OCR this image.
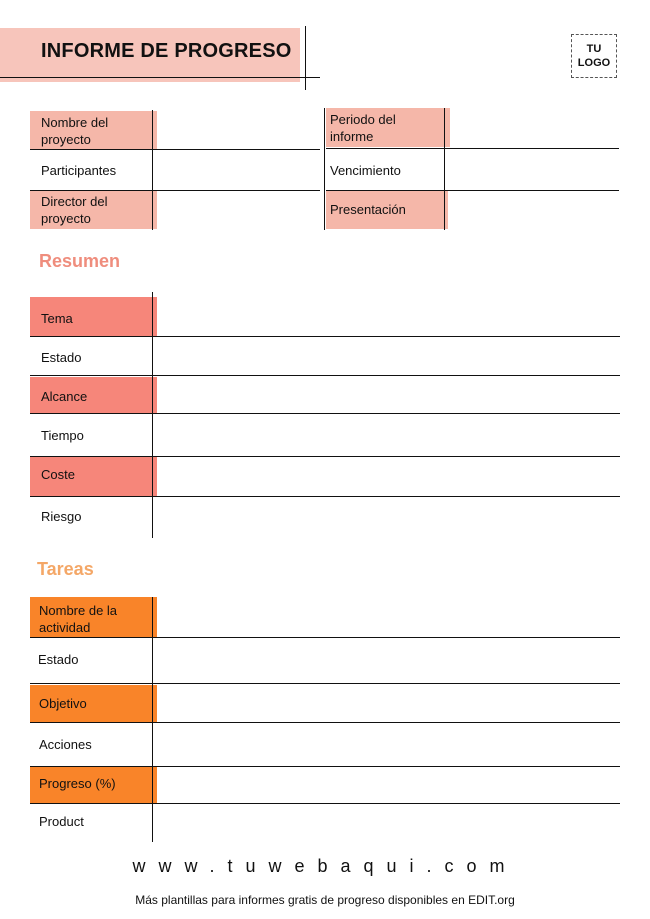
INFORME DE PROGRESO	TU
LOGO
Nombre del proyecto
Participantes
Director del proyecto
Periodo del informe
Vencimiento
Presentación
Resumen
Tema
Estado
Alcance
Tiempo
Coste
Riesgo
Tareas
Nombre de la actividad
Estado
Objetivo
Acciones
Progreso (%)
Product
www.tuwebaqui.com
Más plantillas para informes gratis de progreso disponibles en EDIT.org
